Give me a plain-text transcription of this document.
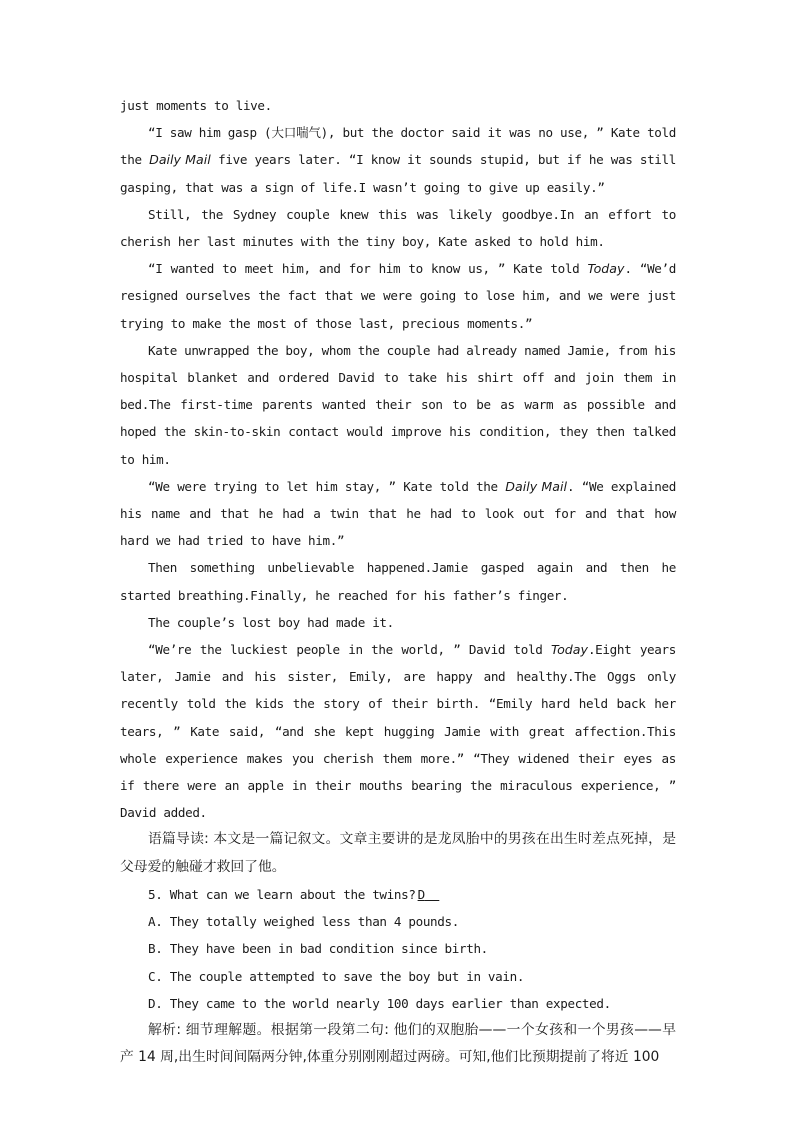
just moments to live.

“I saw him gasp (大口喘气), but the doctor said it was no use, ” Kate told the Daily Mail five years later. “I know it sounds stupid, but if he was still gasping, that was a sign of life.I wasn’t going to give up easily.”

Still, the Sydney couple knew this was likely goodbye.In an effort to cherish her last minutes with the tiny boy, Kate asked to hold him.

“I wanted to meet him, and for him to know us, ” Kate told Today. “We’d resigned ourselves the fact that we were going to lose him, and we were just trying to make the most of those last, precious moments.”

Kate unwrapped the boy, whom the couple had already named Jamie, from his hospital blanket and ordered David to take his shirt off and join them in bed.The first-time parents wanted their son to be as warm as possible and hoped the skin-to-skin contact would improve his condition, they then talked to him.

“We were trying to let him stay, ” Kate told the Daily Mail. “We explained his name and that he had a twin that he had to look out for and that how hard we had tried to have him.”

Then something unbelievable happened.Jamie gasped again and then he started breathing.Finally, he reached for his father’s finger.

The couple’s lost boy had made it.

“We’re the luckiest people in the world, ” David told Today.Eight years later, Jamie and his sister, Emily, are happy and healthy.The Oggs only recently told the kids the story of their birth. “Emily hard held back her tears, ” Kate said, “and she kept hugging Jamie with great affection.This whole experience makes you cherish them more.” “They widened their eyes as if there were an apple in their mouths bearing the miraculous experience, ” David added.

语篇导读: 本文是一篇记叙文。文章主要讲的是龙凤胎中的男孩在出生时差点死掉，是父母爱的触碰才救回了他。

5. What can we learn about the twins? D

A. They totally weighed less than 4 pounds.

B. They have been in bad condition since birth.

C. The couple attempted to save the boy but in vain.

D. They came to the world nearly 100 days earlier than expected.

解析: 细节理解题。根据第一段第二句: 他们的双胞胎——一个女孩和一个男孩——早产 14 周,出生时间间隔两分钟,体重分别刚刚超过两磅。可知,他们比预期提前了将近 100
